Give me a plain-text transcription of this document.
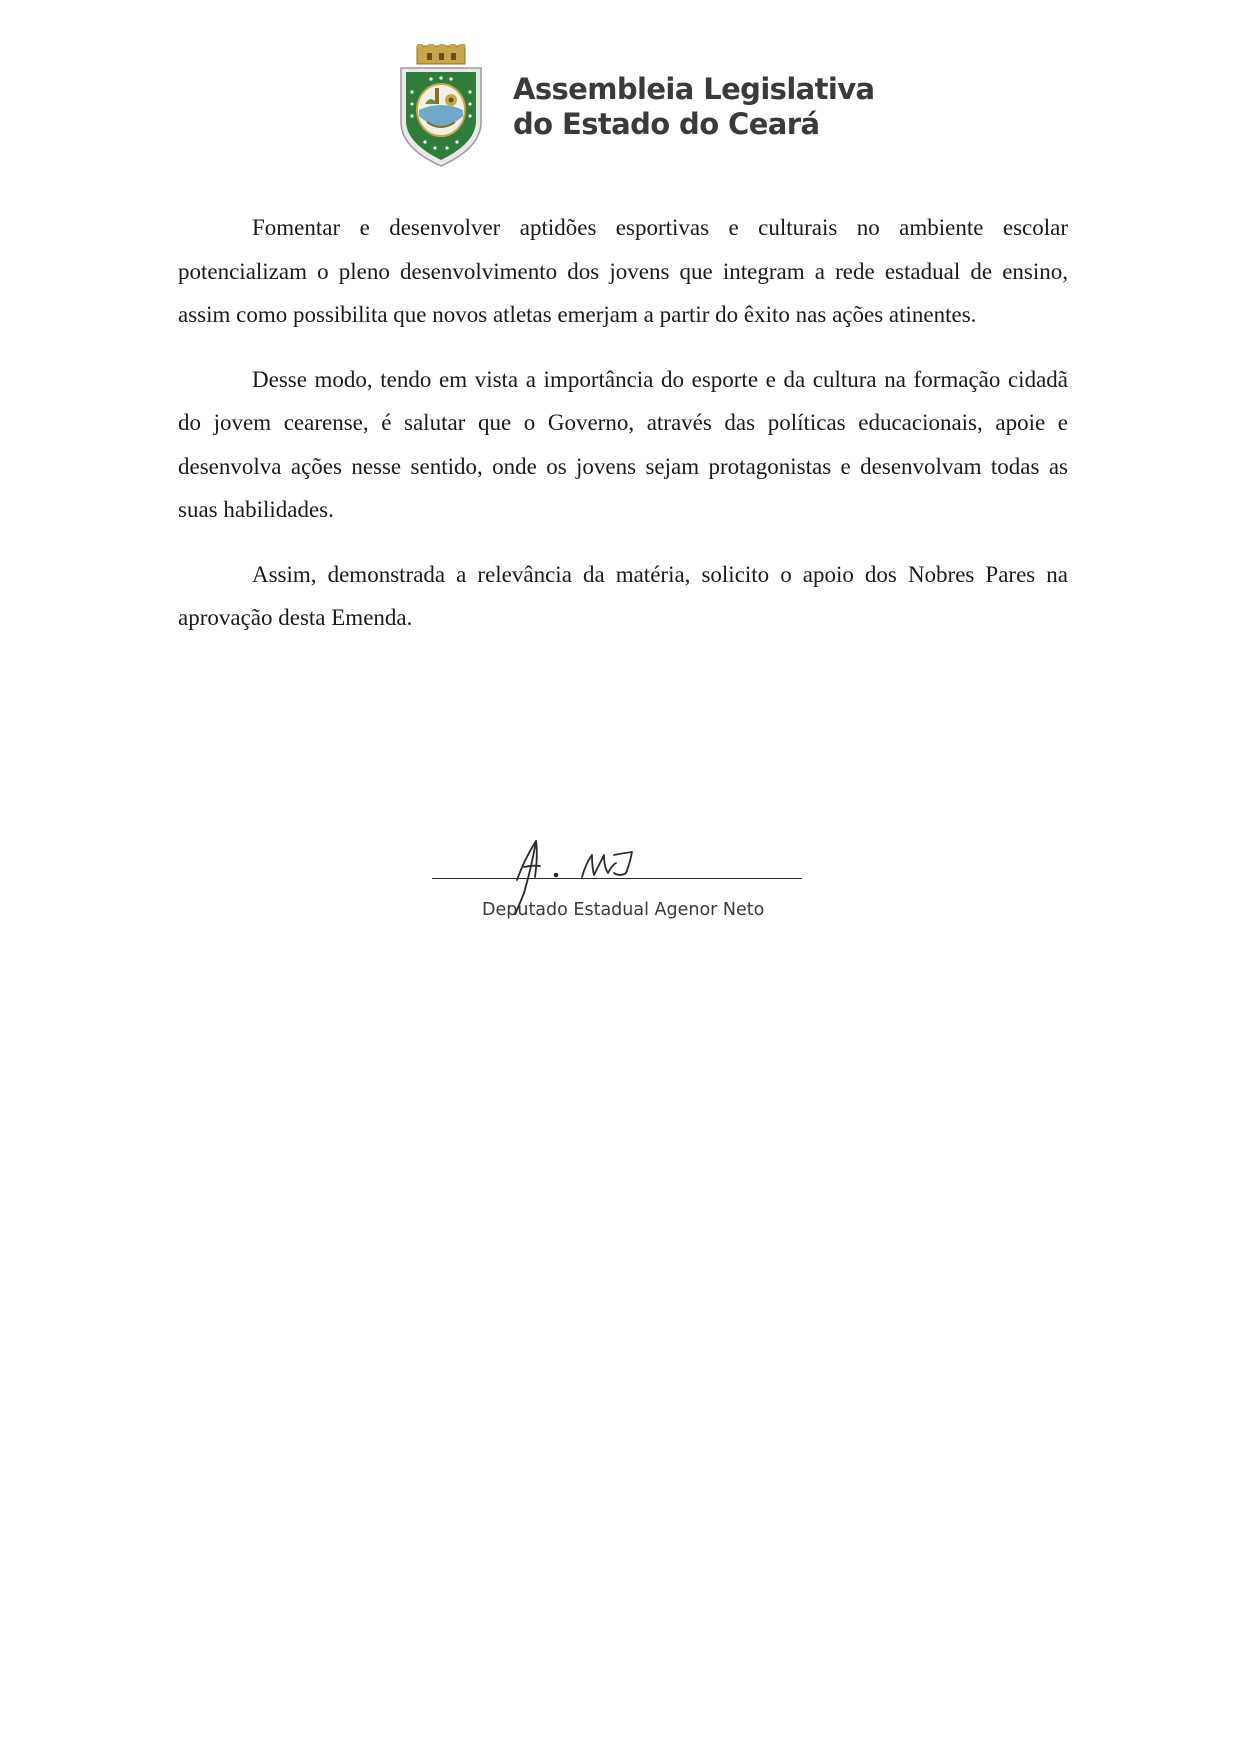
Assembleia Legislativa
do Estado do Ceará

Fomentar e desenvolver aptidões esportivas e culturais no ambiente escolar potencializam o pleno desenvolvimento dos jovens que integram a rede estadual de ensino, assim como possibilita que novos atletas emerjam a partir do êxito nas ações atinentes.

Desse modo, tendo em vista a importância do esporte e da cultura na formação cidadã do jovem cearense, é salutar que o Governo, através das políticas educacionais, apoie e desenvolva ações nesse sentido, onde os jovens sejam protagonistas e desenvolvam todas as suas habilidades.

Assim, demonstrada a relevância da matéria, solicito o apoio dos Nobres Pares na aprovação desta Emenda.

Deputado Estadual Agenor Neto
